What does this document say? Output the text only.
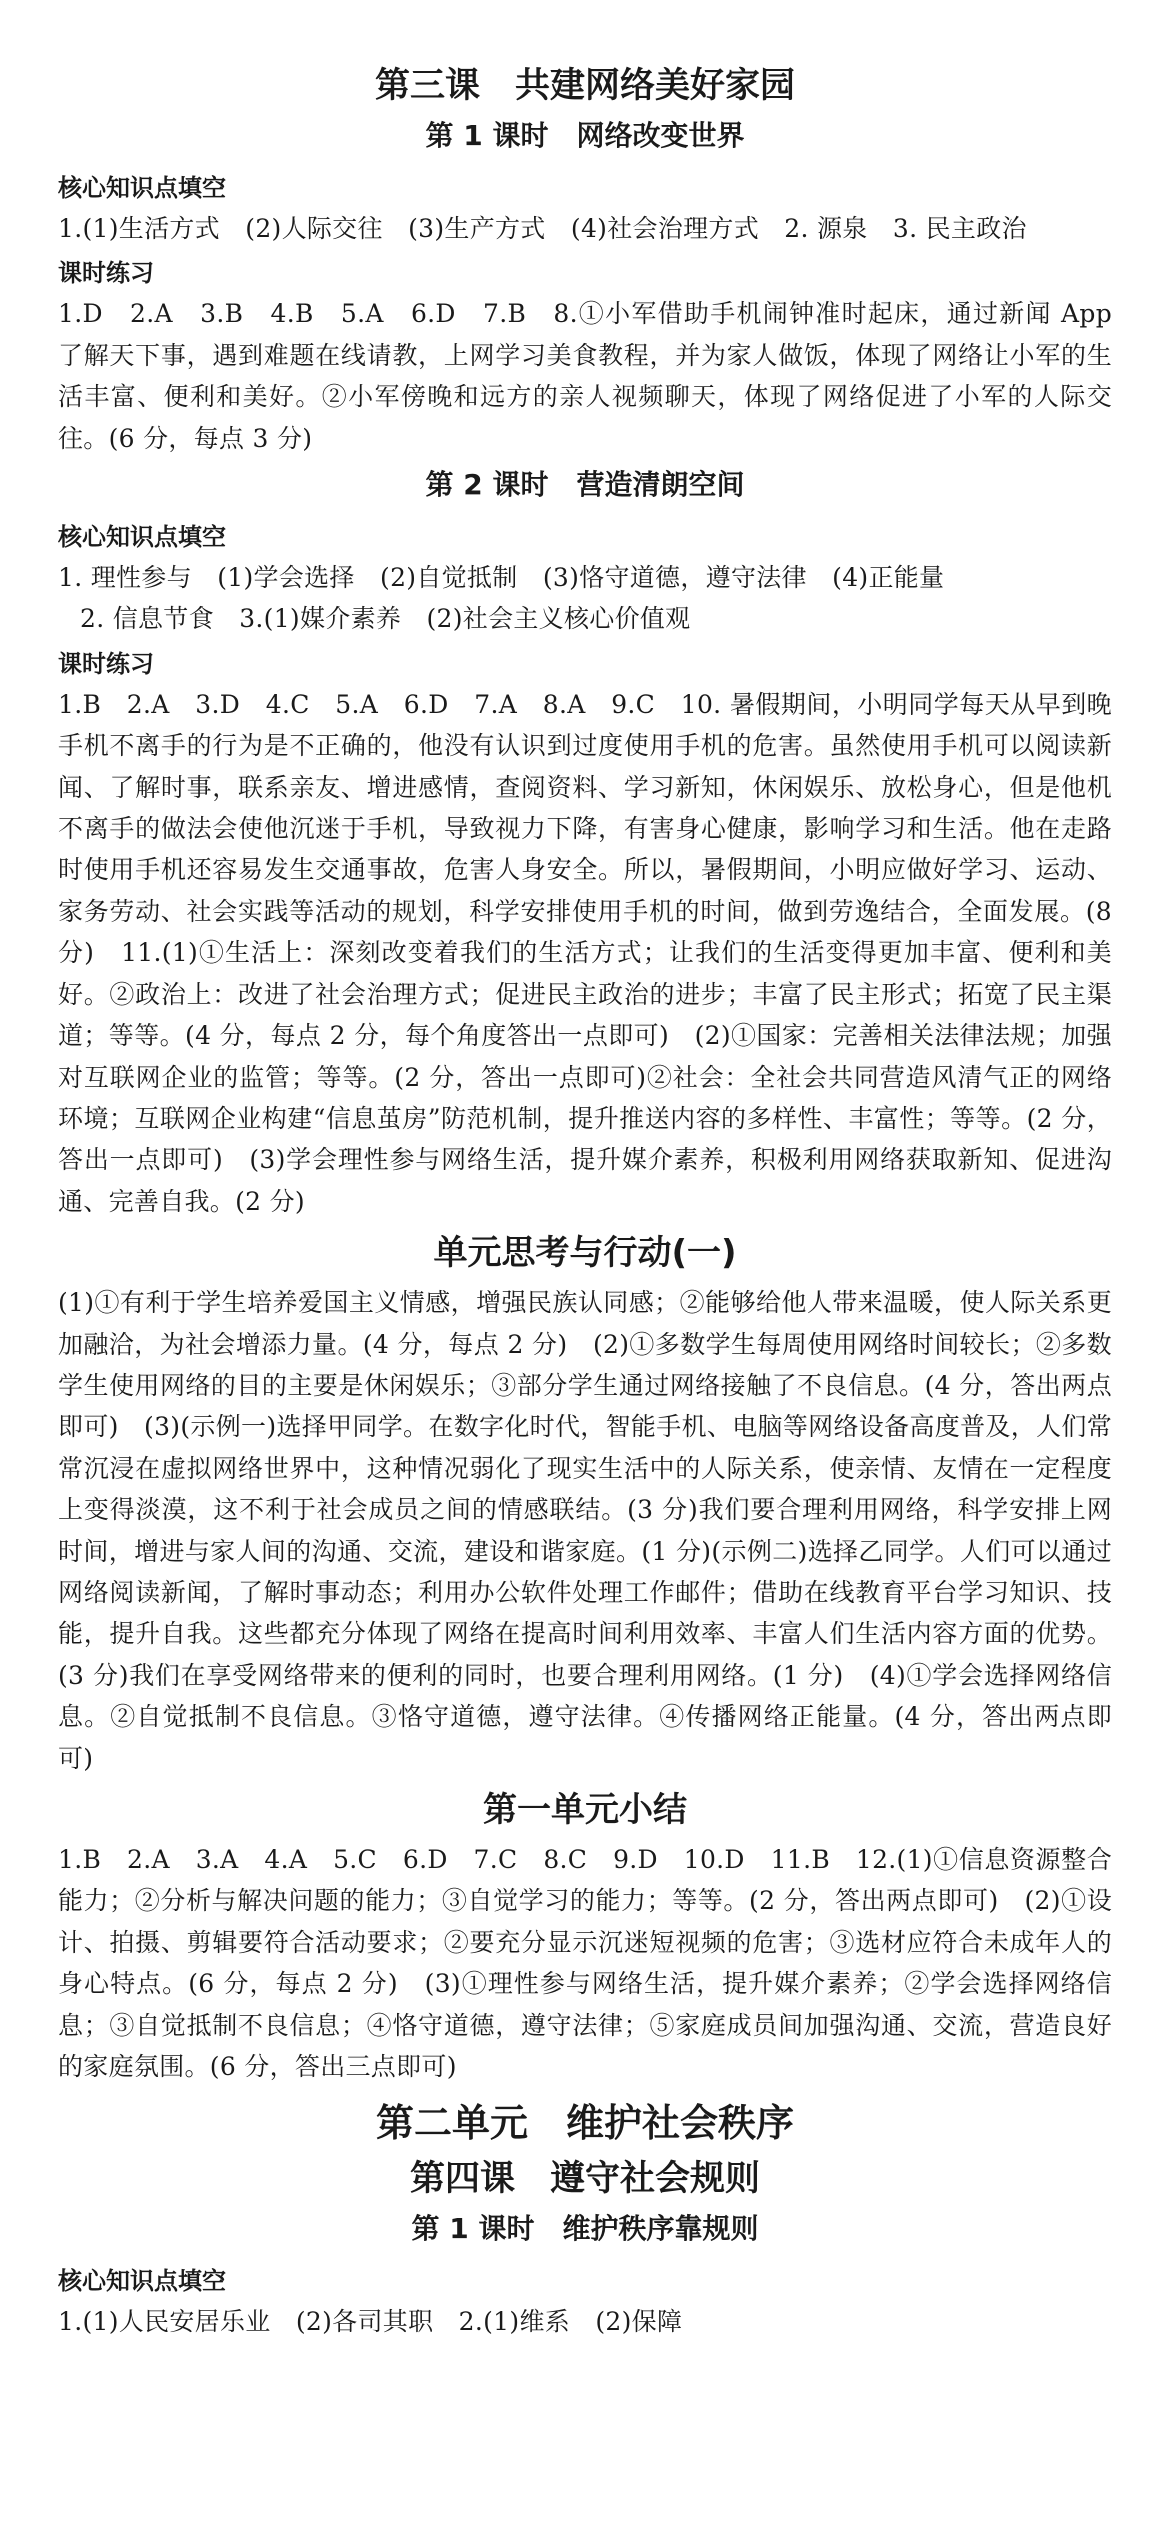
第三课　共建网络美好家园
第 1 课时　网络改变世界
核心知识点填空
1.(1)生活方式　(2)人际交往　(3)生产方式　(4)社会治理方式　2. 源泉　3. 民主政治
课时练习
1.D　2.A　3.B　4.B　5.A　6.D　7.B　8.①小军借助手机闹钟准时起床，通过新闻 App 了解天下事，遇到难题在线请教，上网学习美食教程，并为家人做饭，体现了网络让小军的生活丰富、便利和美好。②小军傍晚和远方的亲人视频聊天，体现了网络促进了小军的人际交往。(6 分，每点 3 分)
第 2 课时　营造清朗空间
核心知识点填空
1. 理性参与　(1)学会选择　(2)自觉抵制　(3)恪守道德，遵守法律　(4)正能量
2. 信息节食　3.(1)媒介素养　(2)社会主义核心价值观
课时练习
1.B　2.A　3.D　4.C　5.A　6.D　7.A　8.A　9.C　10. 暑假期间，小明同学每天从早到晚手机不离手的行为是不正确的，他没有认识到过度使用手机的危害。虽然使用手机可以阅读新闻、了解时事，联系亲友、增进感情，查阅资料、学习新知，休闲娱乐、放松身心，但是他机不离手的做法会使他沉迷于手机，导致视力下降，有害身心健康，影响学习和生活。他在走路时使用手机还容易发生交通事故，危害人身安全。所以，暑假期间，小明应做好学习、运动、家务劳动、社会实践等活动的规划，科学安排使用手机的时间，做到劳逸结合，全面发展。(8 分)　11.(1)①生活上：深刻改变着我们的生活方式；让我们的生活变得更加丰富、便利和美好。②政治上：改进了社会治理方式；促进民主政治的进步；丰富了民主形式；拓宽了民主渠道；等等。(4 分，每点 2 分，每个角度答出一点即可)　(2)①国家：完善相关法律法规；加强对互联网企业的监管；等等。(2 分，答出一点即可)②社会：全社会共同营造风清气正的网络环境；互联网企业构建“信息茧房”防范机制，提升推送内容的多样性、丰富性；等等。(2 分，答出一点即可)　(3)学会理性参与网络生活，提升媒介素养，积极利用网络获取新知、促进沟通、完善自我。(2 分)
单元思考与行动(一)
(1)①有利于学生培养爱国主义情感，增强民族认同感；②能够给他人带来温暖，使人际关系更加融洽，为社会增添力量。(4 分，每点 2 分)　(2)①多数学生每周使用网络时间较长；②多数学生使用网络的目的主要是休闲娱乐；③部分学生通过网络接触了不良信息。(4 分，答出两点即可)　(3)(示例一)选择甲同学。在数字化时代，智能手机、电脑等网络设备高度普及，人们常常沉浸在虚拟网络世界中，这种情况弱化了现实生活中的人际关系，使亲情、友情在一定程度上变得淡漠，这不利于社会成员之间的情感联结。(3 分)我们要合理利用网络，科学安排上网时间，增进与家人间的沟通、交流，建设和谐家庭。(1 分)(示例二)选择乙同学。人们可以通过网络阅读新闻，了解时事动态；利用办公软件处理工作邮件；借助在线教育平台学习知识、技能，提升自我。这些都充分体现了网络在提高时间利用效率、丰富人们生活内容方面的优势。(3 分)我们在享受网络带来的便利的同时，也要合理利用网络。(1 分)　(4)①学会选择网络信息。②自觉抵制不良信息。③恪守道德，遵守法律。④传播网络正能量。(4 分，答出两点即可)
第一单元小结
1.B　2.A　3.A　4.A　5.C　6.D　7.C　8.C　9.D　10.D　11.B　12.(1)①信息资源整合能力；②分析与解决问题的能力；③自觉学习的能力；等等。(2 分，答出两点即可)　(2)①设计、拍摄、剪辑要符合活动要求；②要充分显示沉迷短视频的危害；③选材应符合未成年人的身心特点。(6 分，每点 2 分)　(3)①理性参与网络生活，提升媒介素养；②学会选择网络信息；③自觉抵制不良信息；④恪守道德，遵守法律；⑤家庭成员间加强沟通、交流，营造良好的家庭氛围。(6 分，答出三点即可)
第二单元　维护社会秩序
第四课　遵守社会规则
第 1 课时　维护秩序靠规则
核心知识点填空
1.(1)人民安居乐业　(2)各司其职　2.(1)维系　(2)保障
